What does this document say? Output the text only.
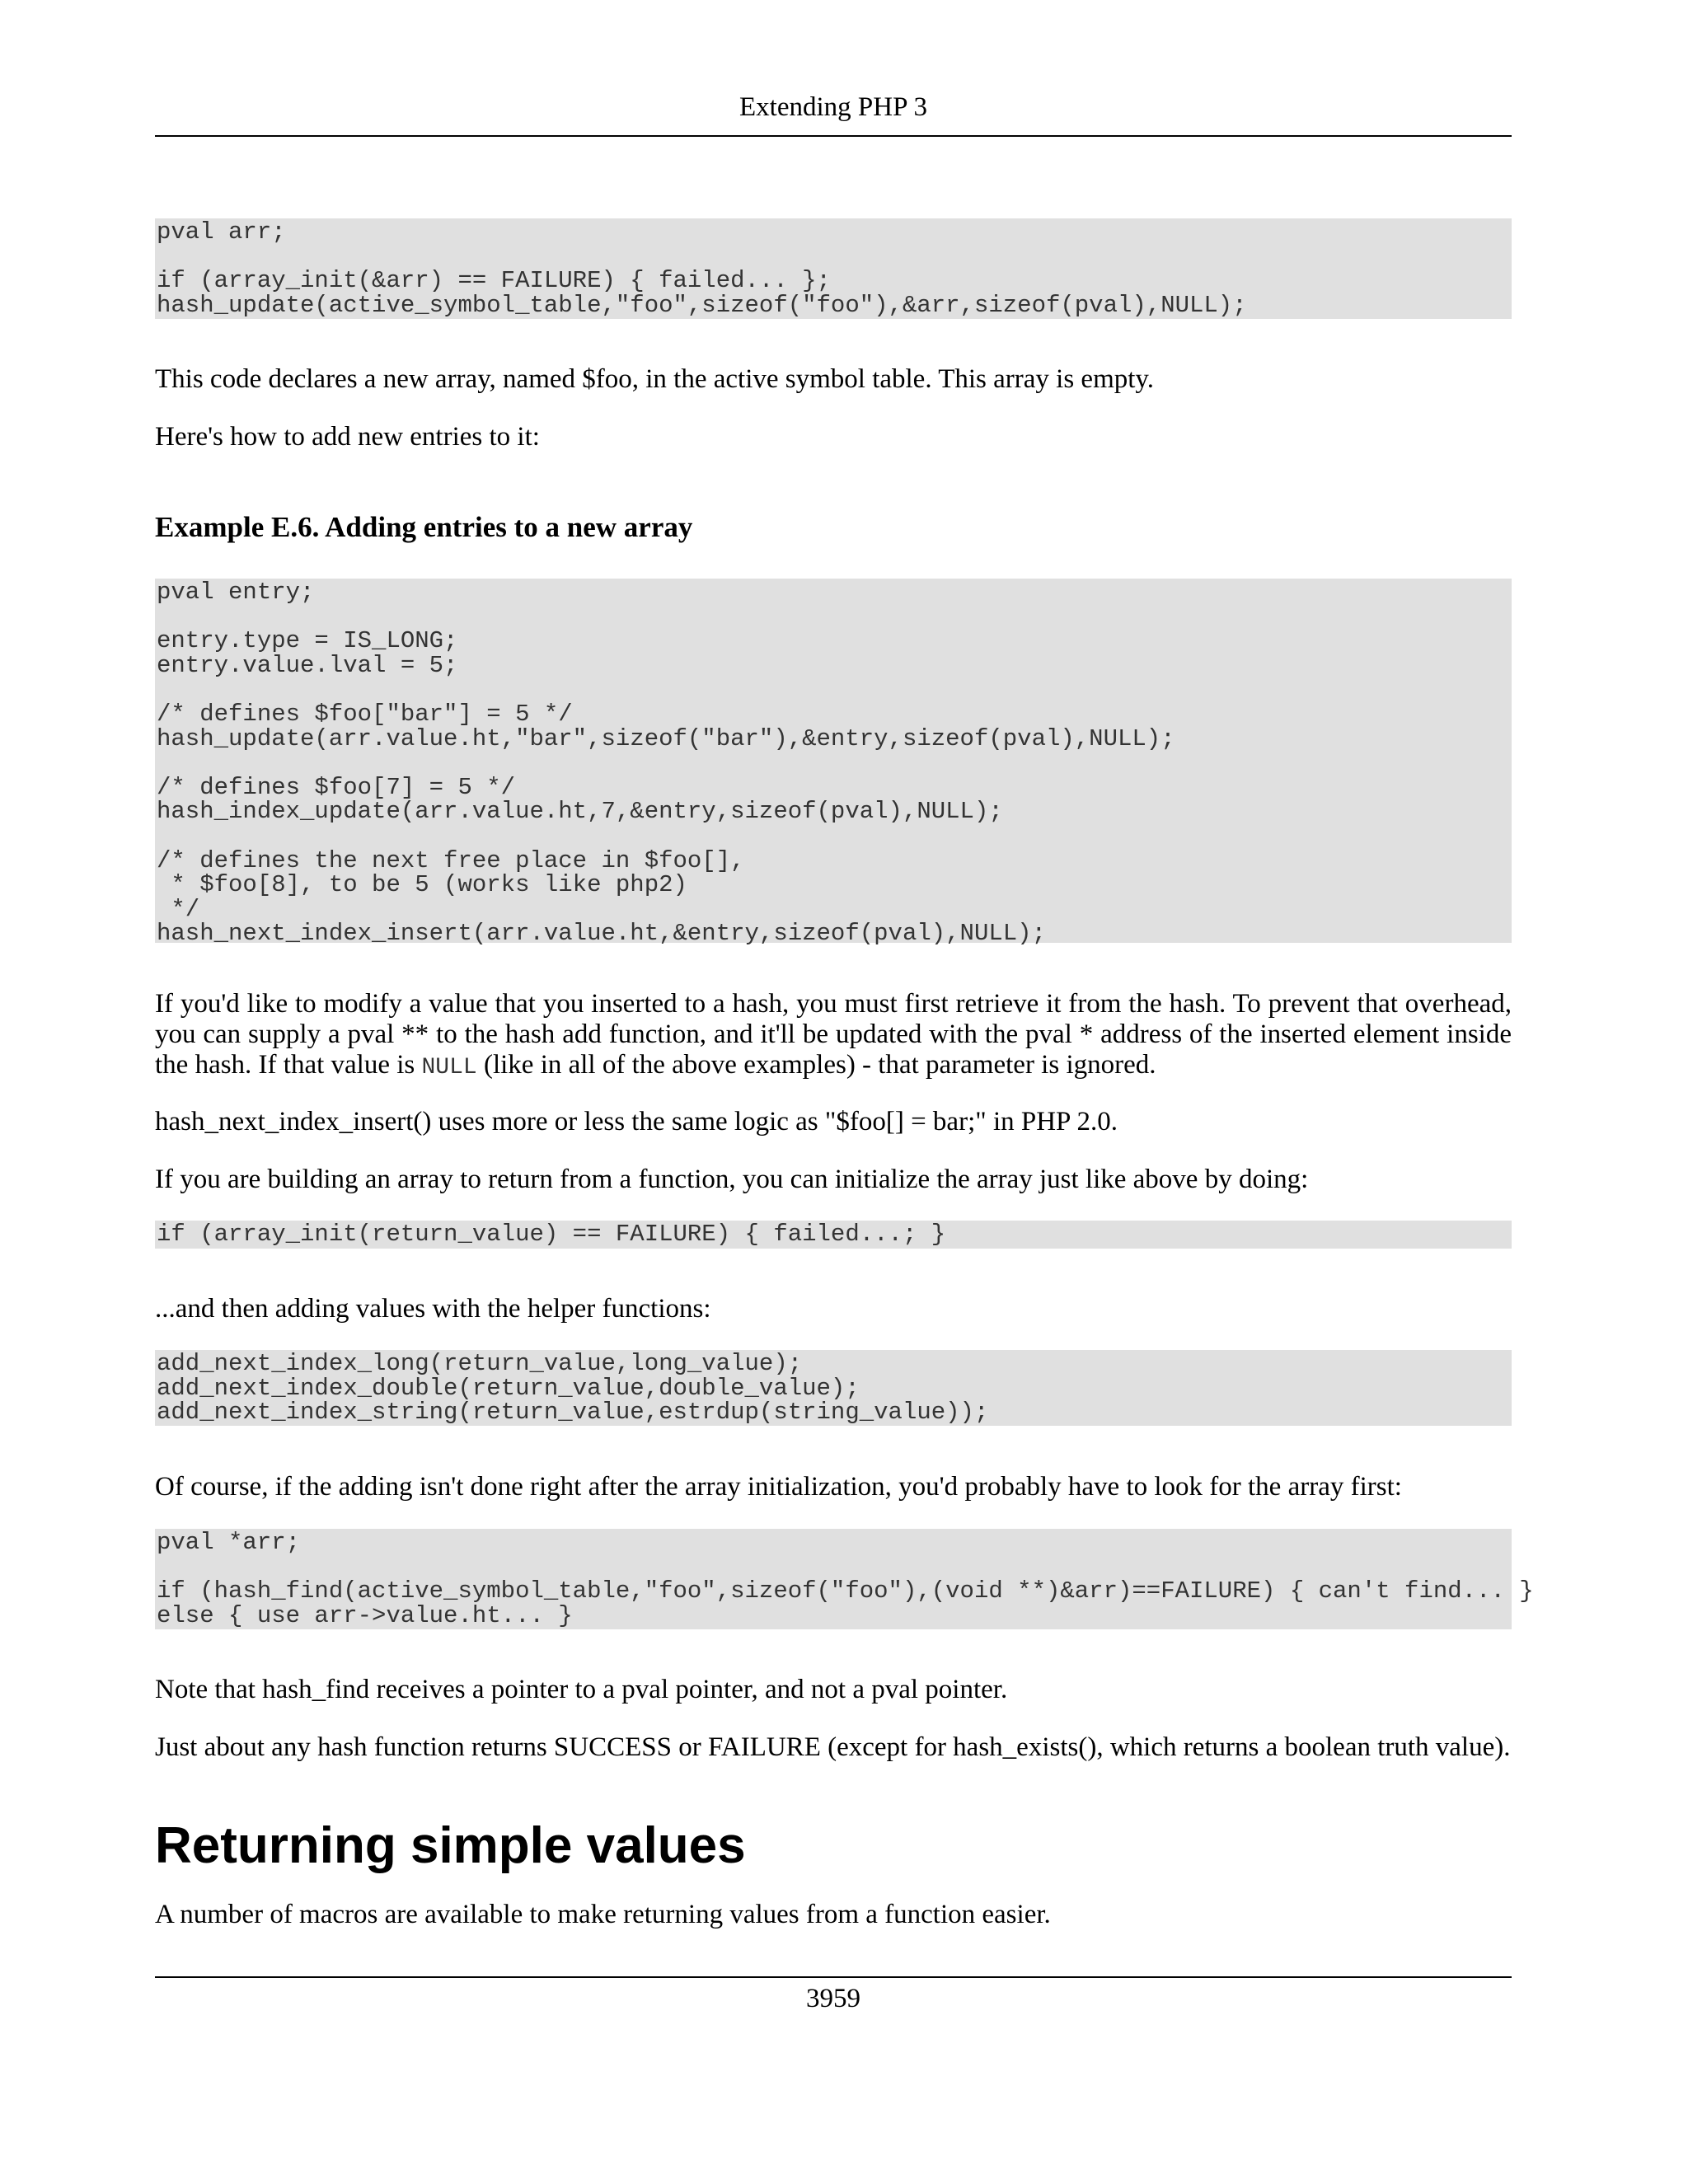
Extending PHP 3
pval arr;

if (array_init(&arr) == FAILURE) { failed... };
hash_update(active_symbol_table,"foo",sizeof("foo"),&arr,sizeof(pval),NULL);

This code declares a new array, named $foo, in the active symbol table. This array is empty.

Here's how to add new entries to it:

Example E.6. Adding entries to a new array
pval entry;

entry.type = IS_LONG;
entry.value.lval = 5;

/* defines $foo["bar"] = 5 */
hash_update(arr.value.ht,"bar",sizeof("bar"),&entry,sizeof(pval),NULL);

/* defines $foo[7] = 5 */
hash_index_update(arr.value.ht,7,&entry,sizeof(pval),NULL);

/* defines the next free place in $foo[],
* $foo[8], to be 5 (works like php2)
*/
hash_next_index_insert(arr.value.ht,&entry,sizeof(pval),NULL);

If you'd like to modify a value that you inserted to a hash, you must first retrieve it from the hash. To prevent that overhead, you can supply a pval ** to the hash add function, and it'll be updated with the pval * address of the inserted element inside the hash. If that value is NULL (like in all of the above examples) - that parameter is ignored.

hash_next_index_insert() uses more or less the same logic as "$foo[] = bar;" in PHP 2.0.

If you are building an array to return from a function, you can initialize the array just like above by doing:

if (array_init(return_value) == FAILURE) { failed...; }

...and then adding values with the helper functions:

add_next_index_long(return_value,long_value);
add_next_index_double(return_value,double_value);
add_next_index_string(return_value,estrdup(string_value));

Of course, if the adding isn't done right after the array initialization, you'd probably have to look for the array first:

pval *arr;

if (hash_find(active_symbol_table,"foo",sizeof("foo"),(void **)&arr)==FAILURE) { can't find... }
else { use arr->value.ht... }

Note that hash_find receives a pointer to a pval pointer, and not a pval pointer.

Just about any hash function returns SUCCESS or FAILURE (except for hash_exists(), which returns a boolean truth value).

Returning simple values

A number of macros are available to make returning values from a function easier.

3959
